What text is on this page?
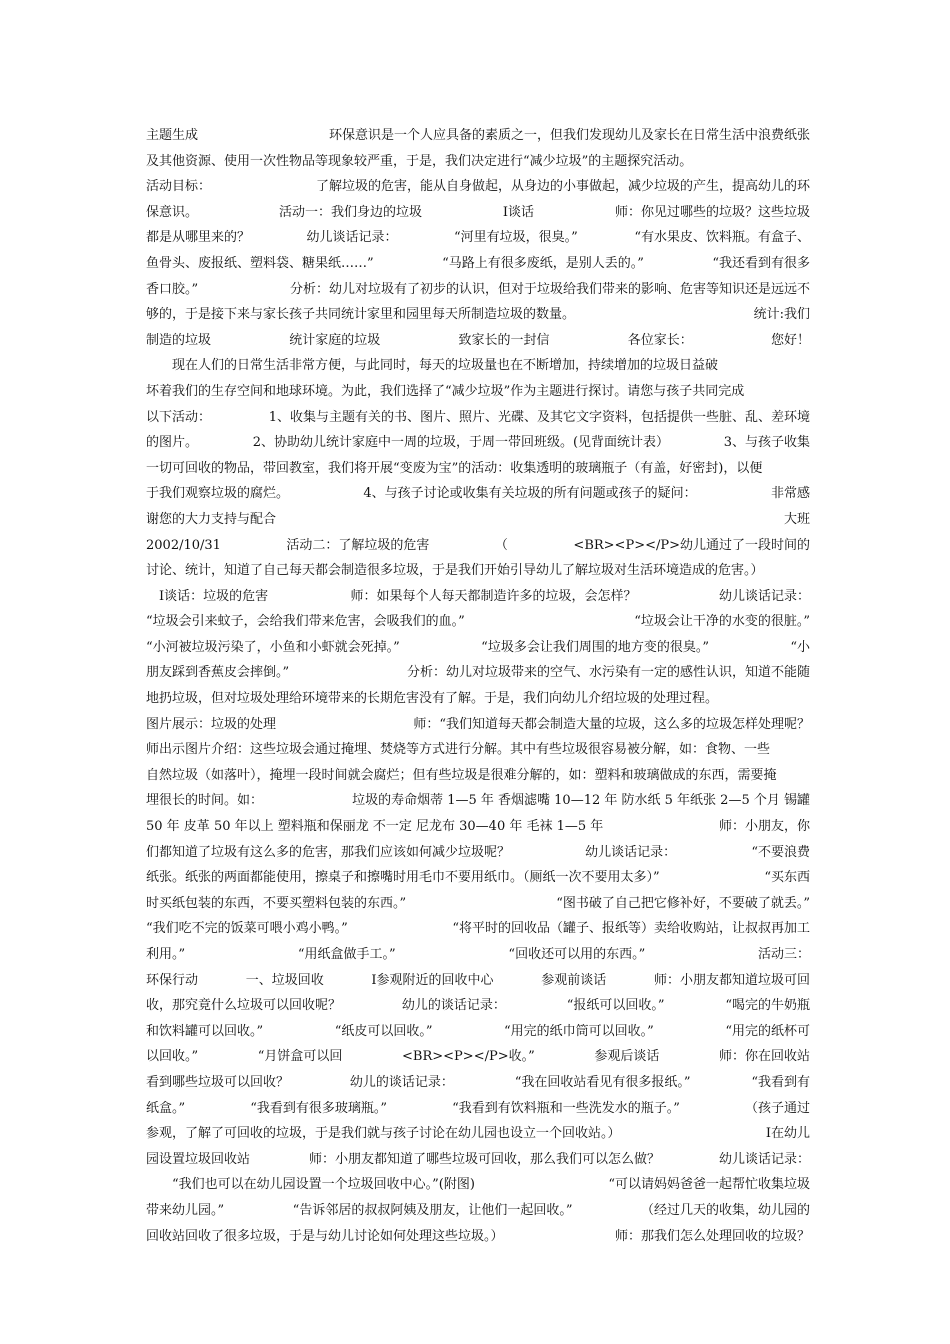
主题生成	环保意识是一个人应具备的素质之一，但我们发现幼儿及家长在日常生活中浪费纸张
及其他资源、使用一次性物品等现象较严重，于是，我们决定进行“减少垃圾”的主题探究活动。
活动目标：	了解垃圾的危害，能从自身做起，从身边的小事做起，减少垃圾的产生，提高幼儿的环
保意识。	活动一：我们身边的垃圾	Ⅰ谈话	师：你见过哪些的垃圾？这些垃圾
都是从哪里来的？	幼儿谈话记录：	“河里有垃圾，很臭。”	“有水果皮、饮料瓶。有盒子、
鱼骨头、废报纸、塑料袋、糖果纸……”	“马路上有很多废纸，是别人丢的。”	“我还看到有很多
香口胶。”	分析：幼儿对垃圾有了初步的认识，但对于垃圾给我们带来的影响、危害等知识还是远远不
够的，于是接下来与家长孩子共同统计家里和园里每天所制造垃圾的数量。	统计:我们
制造的垃圾	统计家庭的垃圾	致家长的一封信	各位家长：	您好！
　　现在人们的日常生活非常方便，与此同时，每天的垃圾量也在不断增加，持续增加的垃圾日益破
坏着我们的生存空间和地球环境。为此，我们选择了“减少垃圾”作为主题进行探讨。请您与孩子共同完成
以下活动：	1、收集与主题有关的书、图片、照片、光碟、及其它文字资料，包括提供一些脏、乱、差环境
的图片。	2、协助幼儿统计家庭中一周的垃圾，于周一带回班级。(见背面统计表）	3、与孩子收集
一切可回收的物品，带回教室，我们将开展“变废为宝”的活动：收集透明的玻璃瓶子（有盖，好密封)，以便
于我们观察垃圾的腐烂。	4、与孩子讨论或收集有关垃圾的所有问题或孩子的疑问：	非常感
谢您的大力支持与配合	大班
2002/10/31	活动二：了解垃圾的危害	（	<BR><P></P>幼儿通过了一段时间的
讨论、统计，知道了自己每天都会制造很多垃圾，于是我们开始引导幼儿了解垃圾对生活环境造成的危害。）
　Ⅰ谈话：垃圾的危害	师：如果每个人每天都制造许多的垃圾，会怎样？	幼儿谈话记录：
“垃圾会引来蚊子，会给我们带来危害，会吸我们的血。”	“垃圾会让干净的水变的很脏。”
“小河被垃圾污染了，小鱼和小虾就会死掉。”	“垃圾多会让我们周围的地方变的很臭。”	“小
朋友踩到香蕉皮会摔倒。”	分析：幼儿对垃圾带来的空气、水污染有一定的感性认识，知道不能随
地扔垃圾，但对垃圾处理给环境带来的长期危害没有了解。于是，我们向幼儿介绍垃圾的处理过程。
图片展示：垃圾的处理	师：“我们知道每天都会制造大量的垃圾，这么多的垃圾怎样处理呢？
师出示图片介绍：这些垃圾会通过掩埋、焚烧等方式进行分解。其中有些垃圾很容易被分解，如：食物、一些
自然垃圾（如落叶），掩埋一段时间就会腐烂；但有些垃圾是很难分解的，如：塑料和玻璃做成的东西，需要掩
埋很长的时间。如：	垃圾的寿命烟蒂 1—5 年 香烟滤嘴 10—12 年 防水纸 5 年纸张 2—5 个月 锡罐
50 年 皮革 50 年以上 塑料瓶和保丽龙 不一定 尼龙布 30—40 年 毛袜 1—5 年	师：小朋友，你
们都知道了垃圾有这么多的危害，那我们应该如何减少垃圾呢？	幼儿谈话记录：	“不要浪费
纸张。纸张的两面都能使用，擦桌子和擦嘴时用毛巾不要用纸巾。（厕纸一次不要用太多）”	“买东西
时买纸包装的东西，不要买塑料包装的东西。”	“图书破了自己把它修补好，不要破了就丢。”
“我们吃不完的饭菜可喂小鸡小鸭。”	“将平时的回收品（罐子、报纸等）卖给收购站，让叔叔再加工
利用。”	“用纸盒做手工。”	“回收还可以用的东西。”	活动三：
环保行动	一、垃圾回收	Ⅰ参观附近的回收中心	参观前谈话	师：小朋友都知道垃圾可回
收，那究竟什么垃圾可以回收呢？	幼儿的谈话记录：	“报纸可以回收。”	“喝完的牛奶瓶
和饮料罐可以回收。”	“纸皮可以回收。”	“用完的纸巾筒可以回收。”	“用完的纸杯可
以回收。”	“月饼盒可以回	<BR><P></P>收。”	参观后谈话	师：你在回收站
看到哪些垃圾可以回收？	幼儿的谈话记录：	“我在回收站看见有很多报纸。”	“我看到有
纸盒。”	“我看到有很多玻璃瓶。”	“我看到有饮料瓶和一些洗发水的瓶子。”	（孩子通过
参观，了解了可回收的垃圾，于是我们就与孩子讨论在幼儿园也设立一个回收站。）	Ⅰ在幼儿
园设置垃圾回收站	师：小朋友都知道了哪些垃圾可回收，那么我们可以怎么做？	幼儿谈话记录：
　　“我们也可以在幼儿园设置一个垃圾回收中心。”(附图)	“可以请妈妈爸爸一起帮忙收集垃圾
带来幼儿园。”	“告诉邻居的叔叔阿姨及朋友，让他们一起回收。”	（经过几天的收集，幼儿园的
回收站回收了很多垃圾，于是与幼儿讨论如何处理这些垃圾。）	师：那我们怎么处理回收的垃圾？
